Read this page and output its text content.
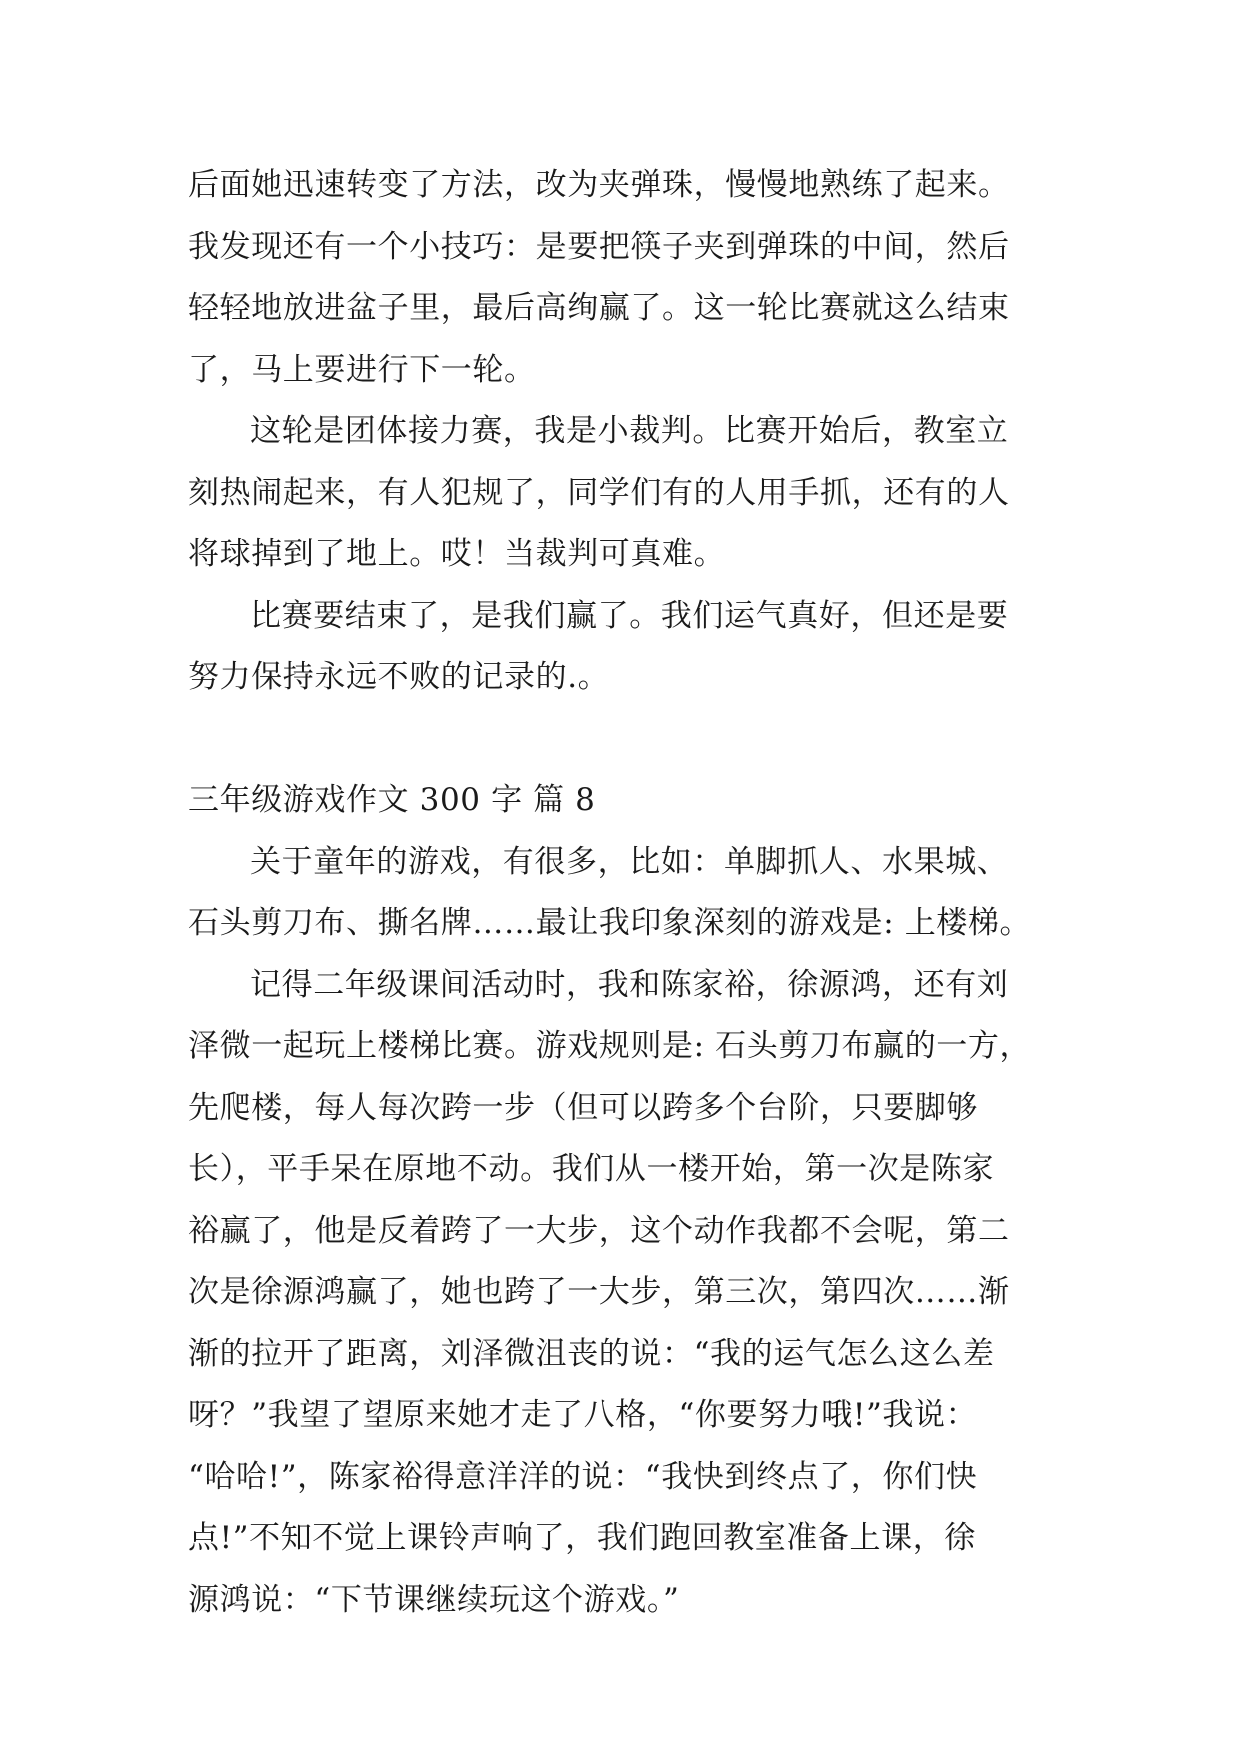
后面她迅速转变了方法，改为夹弹珠，慢慢地熟练了起来。
我发现还有一个小技巧：是要把筷子夹到弹珠的中间，然后
轻轻地放进盆子里，最后高绚赢了。这一轮比赛就这么结束
了，马上要进行下一轮。
这轮是团体接力赛，我是小裁判。比赛开始后，教室立
刻热闹起来，有人犯规了，同学们有的人用手抓，还有的人
将球掉到了地上。哎！当裁判可真难。
比赛要结束了，是我们赢了。我们运气真好，但还是要
努力保持永远不败的记录的.。
三年级游戏作文 300 字 篇 8
关于童年的游戏，有很多，比如：单脚抓人、水果城、
石头剪刀布、撕名牌……最让我印象深刻的游戏是: 上楼梯。
记得二年级课间活动时，我和陈家裕，徐源鸿，还有刘
泽微一起玩上楼梯比赛。游戏规则是: 石头剪刀布赢的一方，
先爬楼，每人每次跨一步（但可以跨多个台阶，只要脚够
长），平手呆在原地不动。我们从一楼开始，第一次是陈家
裕赢了，他是反着跨了一大步，这个动作我都不会呢，第二
次是徐源鸿赢了，她也跨了一大步，第三次，第四次……渐
渐的拉开了距离，刘泽微沮丧的说：“我的运气怎么这么差
呀？”我望了望原来她才走了八格，“你要努力哦!”我说：
“哈哈!”，陈家裕得意洋洋的说：“我快到终点了，你们快
点!”不知不觉上课铃声响了，我们跑回教室准备上课，徐
源鸿说：“下节课继续玩这个游戏。”
